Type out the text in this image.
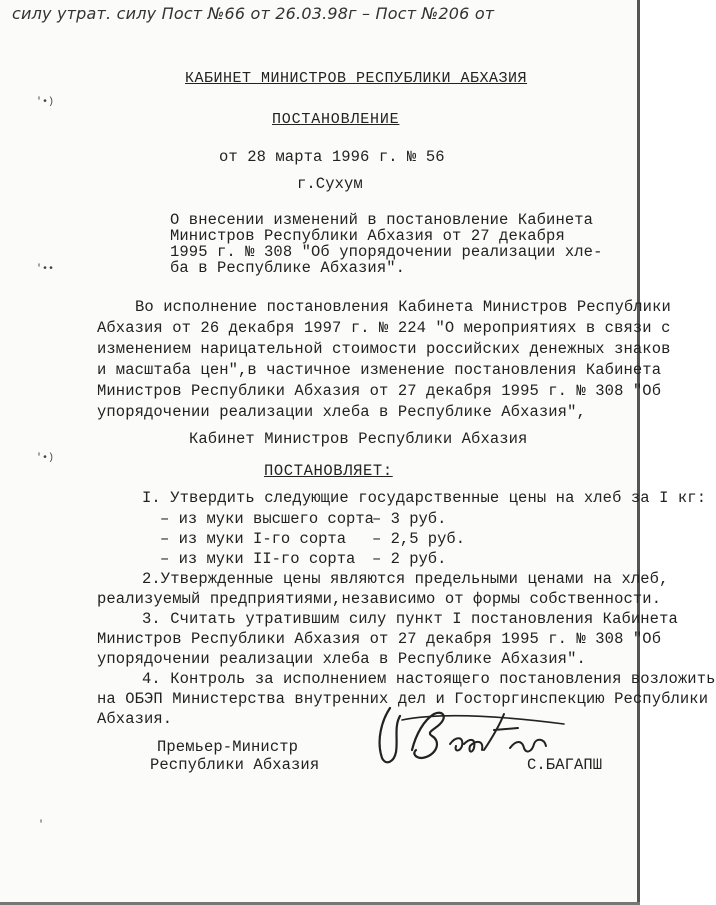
силу утрат. силу Пост №66 от 26.03.98г – Пост №206 от
КАБИНЕТ МИНИСТРОВ РЕСПУБЛИКИ АБХАЗИЯ
ПОСТАНОВЛЕНИЕ
от 28 марта 1996 г. № 56
г.Сухум
'•)
'••
'•)
'
О внесении изменений в постановление Кабинета
Министров Республики Абхазия от 27 декабря
1995 г. № 308 "Об упорядочении реализации хле-
ба в Республике Абхазия".
Во исполнение постановления Кабинета Министров Республики
Абхазия от 26 декабря 1997 г. № 224 "О мероприятиях в связи с
изменением нарицательной стоимости российских денежных знаков
и масштаба цен",в частичное изменение постановления Кабинета
Министров Республики Абхазия от 27 декабря 1995 г. № 308 "Об
упорядочении реализации хлеба в Республике Абхазия",
Кабинет Министров Республики Абхазия
ПОСТАНОВЛЯЕТ:
I. Утвердить следующие государственные цены на хлеб за I кг:
– из муки высшего сорта
– 3 руб.
– из муки I-го сорта – 2,5 руб.
– из муки II-го сорта – 2 руб.
2.Утвержденные цены являются предельными ценами на хлеб,
реализуемый предприятиями,независимо от формы собственности.
3. Считать утратившим силу пункт I постановления Кабинета
Министров Республики Абхазия от 27 декабря 1995 г. № 308 "Об
упорядочении реализации хлеба в Республике Абхазия".
4. Контроль за исполнением настоящего постановления возложить
на ОБЭП Министерства внутренних дел и Госторгинспекцию Республики
Абхазия.
Премьер-Министр
Республики Абхазия	С.БАГАПШ
